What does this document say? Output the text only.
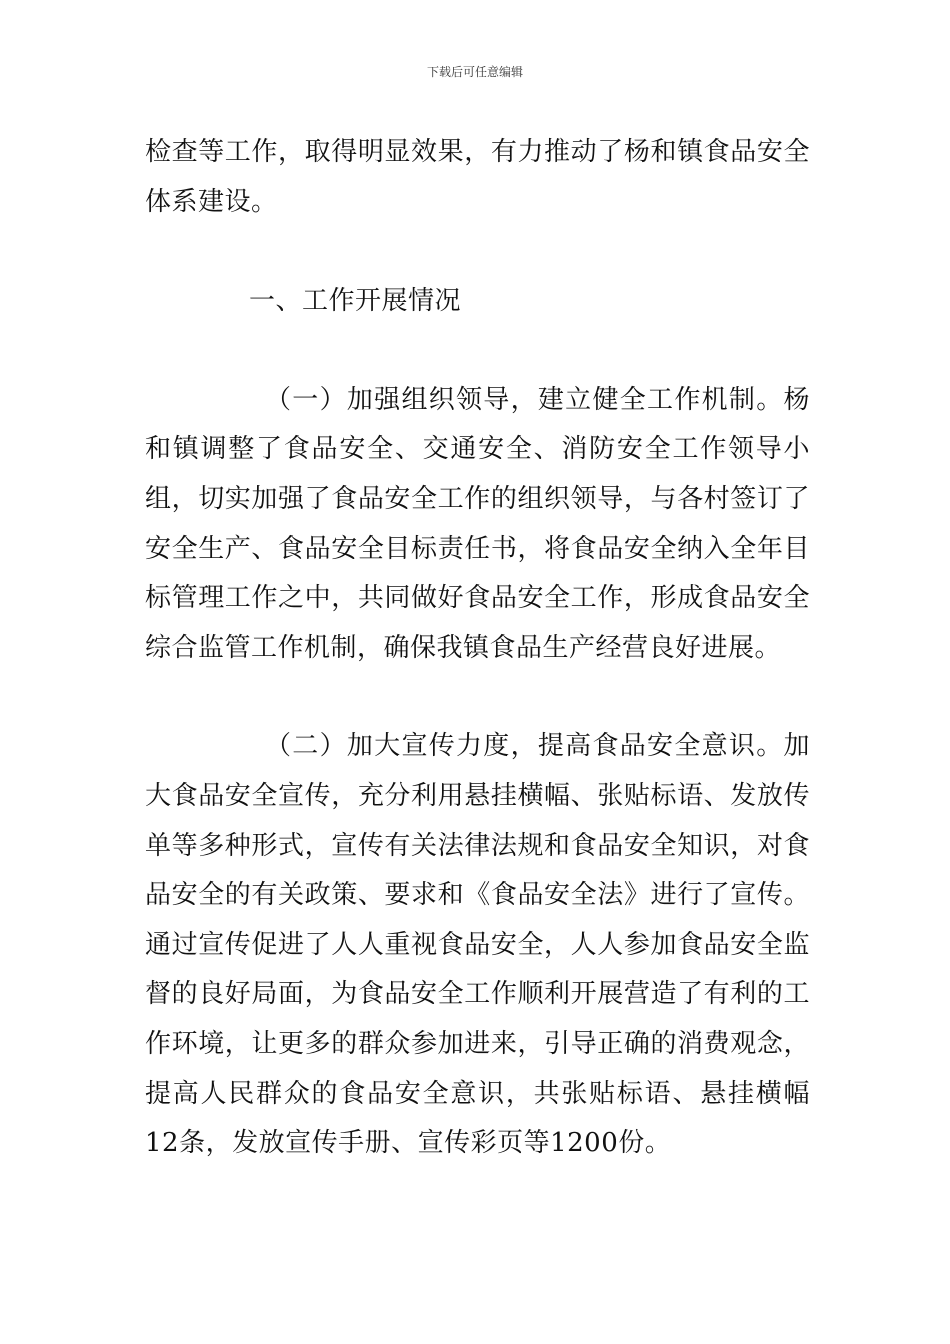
下载后可任意编辑

检查等工作，取得明显效果，有力推动了杨和镇食品安全体系建设。

一、工作开展情况

（一）加强组织领导，建立健全工作机制。杨和镇调整了食品安全、交通安全、消防安全工作领导小组，切实加强了食品安全工作的组织领导，与各村签订了安全生产、食品安全目标责任书，将食品安全纳入全年目标管理工作之中，共同做好食品安全工作，形成食品安全综合监管工作机制，确保我镇食品生产经营良好进展。

（二）加大宣传力度，提高食品安全意识。加大食品安全宣传，充分利用悬挂横幅、张贴标语、发放传单等多种形式，宣传有关法律法规和食品安全知识，对食品安全的有关政策、要求和《食品安全法》进行了宣传。通过宣传促进了人人重视食品安全，人人参加食品安全监督的良好局面，为食品安全工作顺利开展营造了有利的工作环境，让更多的群众参加进来，引导正确的消费观念，提高人民群众的食品安全意识，共张贴标语、悬挂横幅12条，发放宣传手册、宣传彩页等1200份。
